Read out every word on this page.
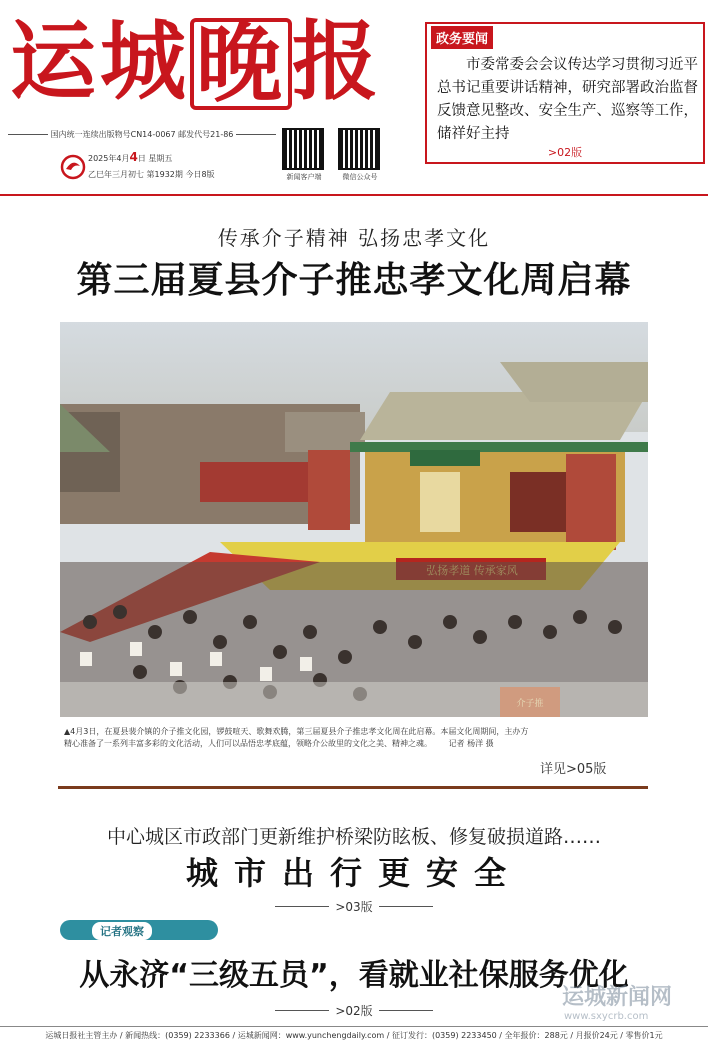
运城晚报
国内统一连续出版物号CN14-0067 邮发代号21-86
2025年4月4日 星期五
乙巳年三月初七 第1932期 今日8版	新闻客户端	微信公众号
政务要闻
市委常委会会议传达学习贯彻习近平总书记重要讲话精神，研究部署政治监督反馈意见整改、安全生产、巡察等工作，储祥好主持
>02版
传承介子精神 弘扬忠孝文化
第三届夏县介子推忠孝文化周启幕
▲4月3日，在夏县裴介镇的介子推文化园，锣鼓喧天、歌舞欢腾，第三届夏县介子推忠孝文化周在此启幕。本届文化周期间，主办方精心准备了一系列丰富多彩的文化活动，人们可以品悟忠孝底蕴，领略介公故里的文化之美、精神之魂。 记者 杨洋 摄
详见>05版
中心城区市政部门更新维护桥梁防眩板、修复破损道路……
城市出行更安全
>03版
记者观察
从永济“三级五员”，看就业社保服务优化
>02版
运城新闻网
www.sxycrb.com
运城日报社主管主办 / 新闻热线：(0359) 2233366 / 运城新闻网：www.yunchengdaily.com / 征订发行：(0359) 2233450 / 全年报价：288元 / 月报价24元 / 零售价1元
